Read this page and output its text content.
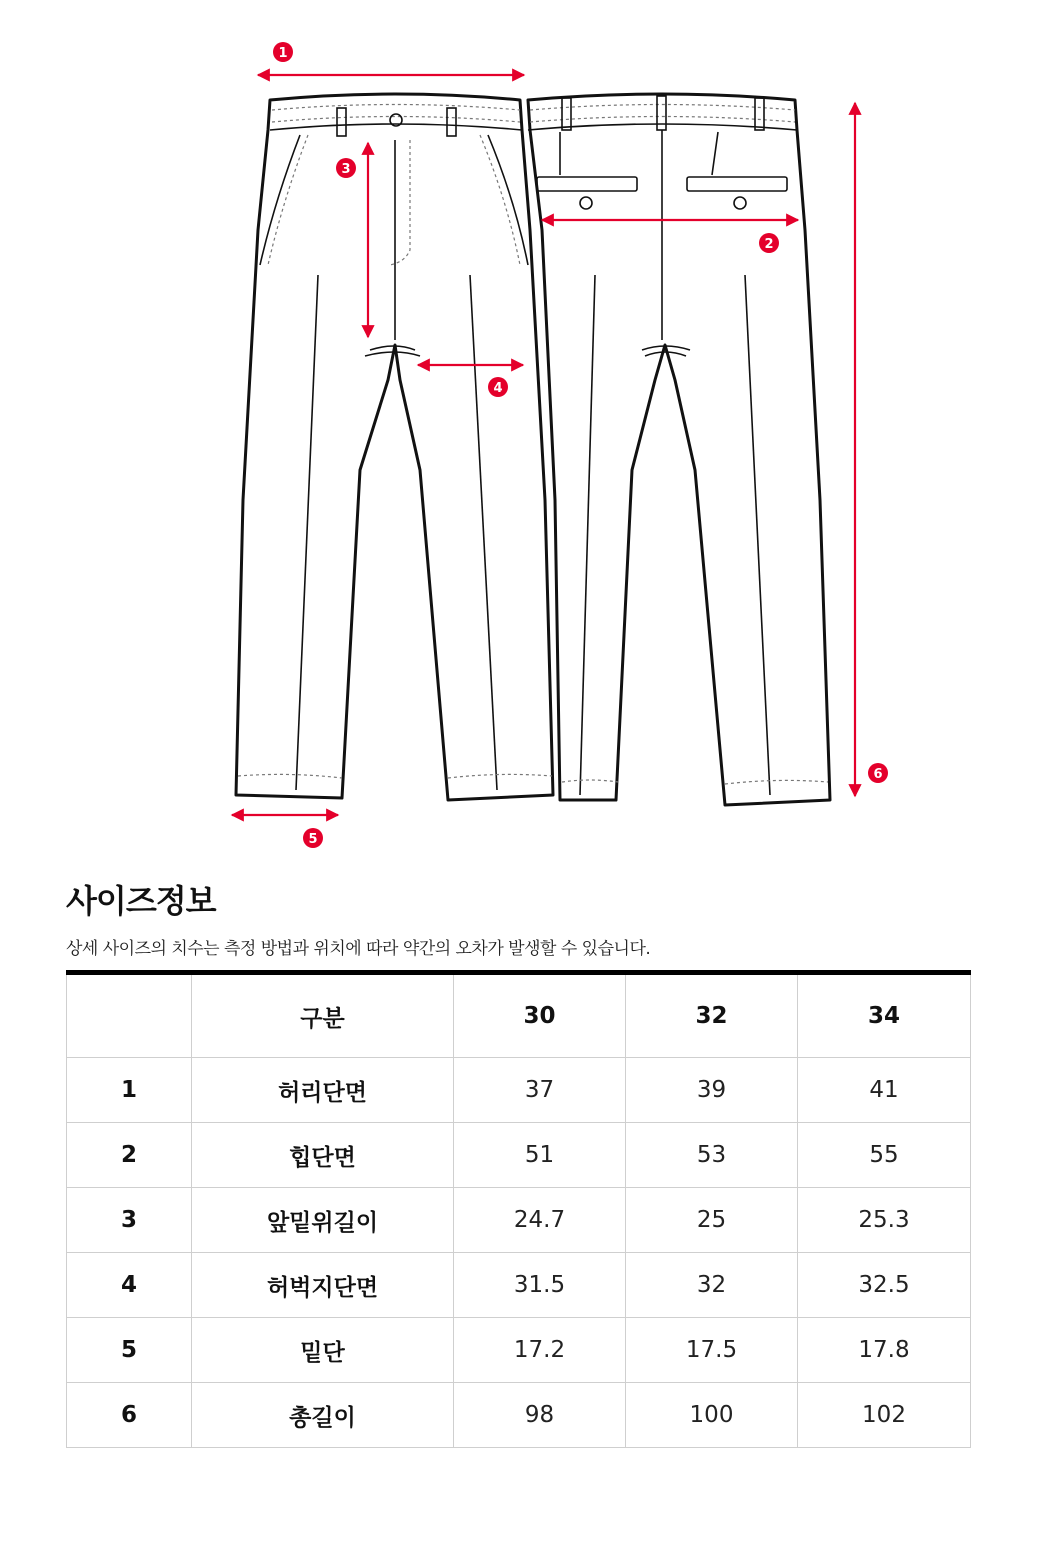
1
2
3
4
5
6
사이즈정보

상세 사이즈의 치수는 측정 방법과 위치에 따라 약간의 오차가 발생할 수 있습니다.

	구분	30	32	34
1	허리단면	37	39	41
2	힙단면	51	53	55
3	앞밑위길이	24.7	25	25.3
4	허벅지단면	31.5	32	32.5
5	밑단	17.2	17.5	17.8
6	총길이	98	100	102
